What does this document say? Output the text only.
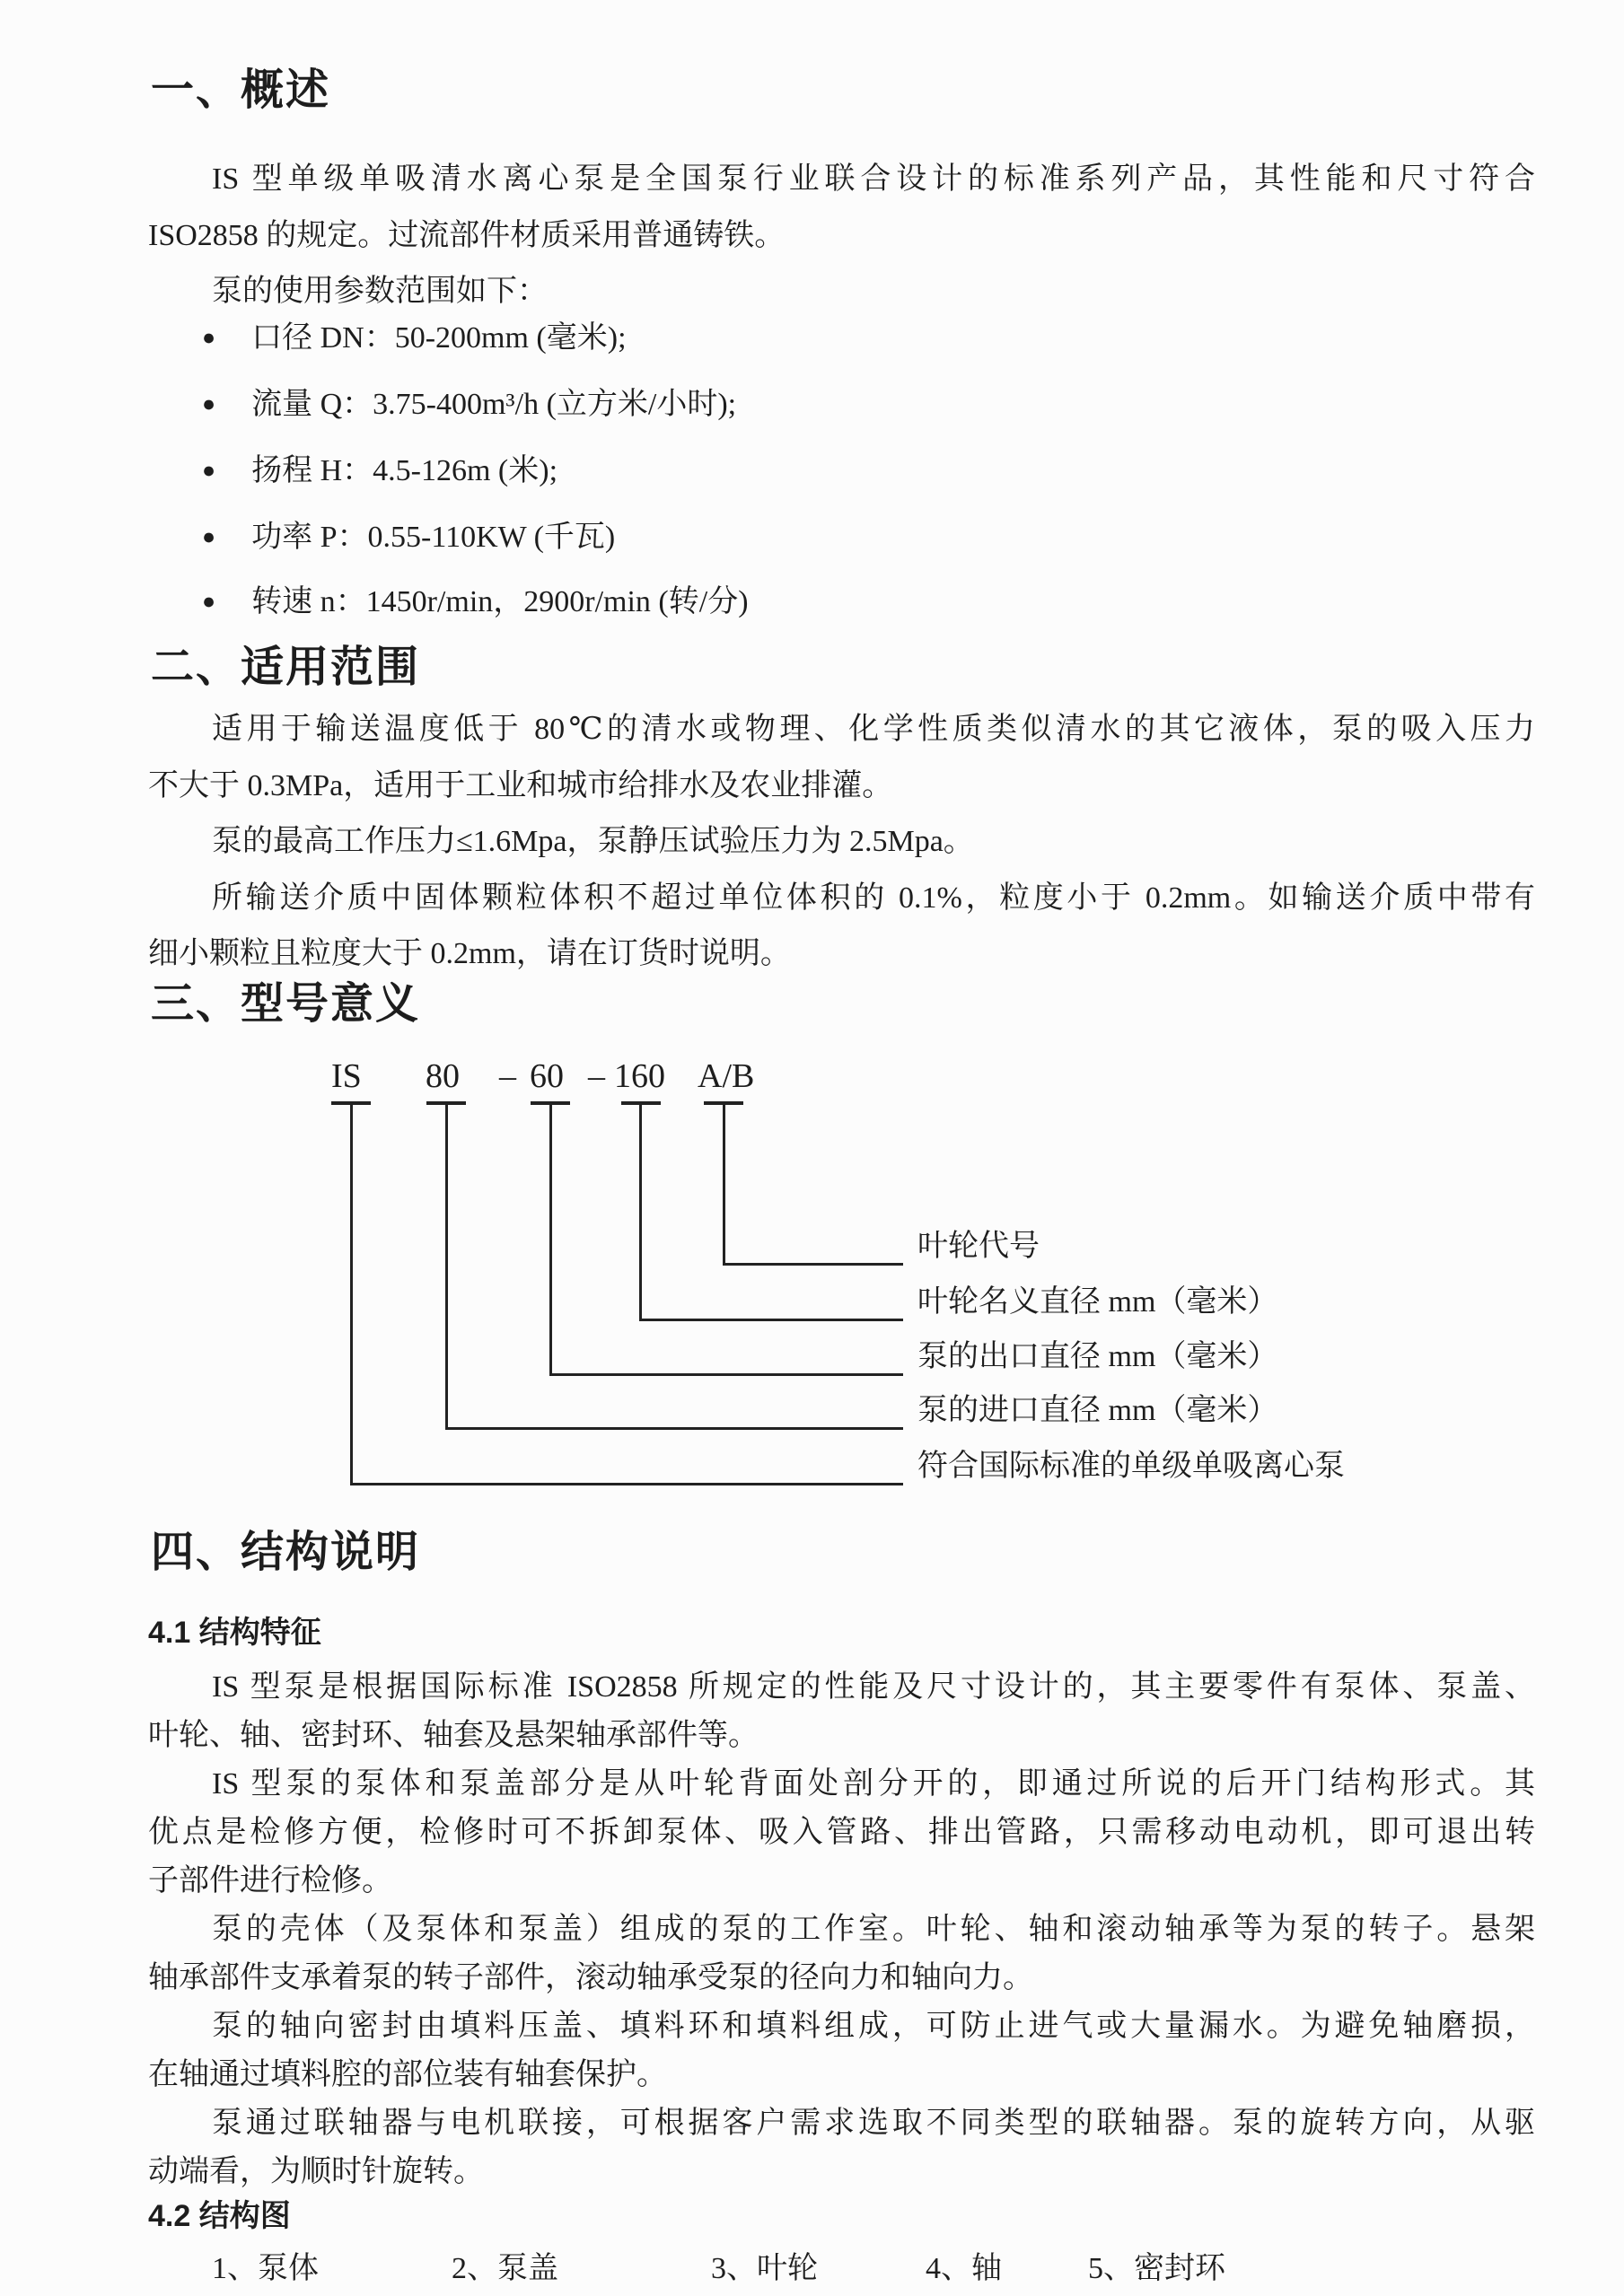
一、概述
IS 型单级单吸清水离心泵是全国泵行业联合设计的标准系列产品，其性能和尺寸符合
ISO2858 的规定。过流部件材质采用普通铸铁。
泵的使用参数范围如下：
● 口径 DN：50-200mm (毫米);
● 流量 Q：3.75-400m³/h (立方米/小时);
● 扬程 H：4.5-126m (米);
● 功率 P：0.55-110KW (千瓦)
● 转速 n：1450r/min，2900r/min (转/分)
二、适用范围
适用于输送温度低于 80℃的清水或物理、化学性质类似清水的其它液体，泵的吸入压力
不大于 0.3MPa，适用于工业和城市给排水及农业排灌。
泵的最高工作压力≤1.6Mpa，泵静压试验压力为 2.5Mpa。
所输送介质中固体颗粒体积不超过单位体积的 0.1%，粒度小于 0.2mm。如输送介质中带有
细小颗粒且粒度大于 0.2mm，请在订货时说明。
三、型号意义
IS 80 – 60 – 160 A/B
叶轮代号
叶轮名义直径 mm（毫米）
泵的出口直径 mm（毫米）
泵的进口直径 mm（毫米）
符合国际标准的单级单吸离心泵
四、结构说明
4.1 结构特征
IS 型泵是根据国际标准 ISO2858 所规定的性能及尺寸设计的，其主要零件有泵体、泵盖、
叶轮、轴、密封环、轴套及悬架轴承部件等。
IS 型泵的泵体和泵盖部分是从叶轮背面处剖分开的，即通过所说的后开门结构形式。其
优点是检修方便，检修时可不拆卸泵体、吸入管路、排出管路，只需移动电动机，即可退出转
子部件进行检修。
泵的壳体（及泵体和泵盖）组成的泵的工作室。叶轮、轴和滚动轴承等为泵的转子。悬架
轴承部件支承着泵的转子部件，滚动轴承受泵的径向力和轴向力。
泵的轴向密封由填料压盖、填料环和填料组成，可防止进气或大量漏水。为避免轴磨损，
在轴通过填料腔的部位装有轴套保护。
泵通过联轴器与电机联接，可根据客户需求选取不同类型的联轴器。泵的旋转方向，从驱
动端看，为顺时针旋转。
4.2 结构图
1、泵体	2、泵盖	3、叶轮	4、轴	5、密封环
